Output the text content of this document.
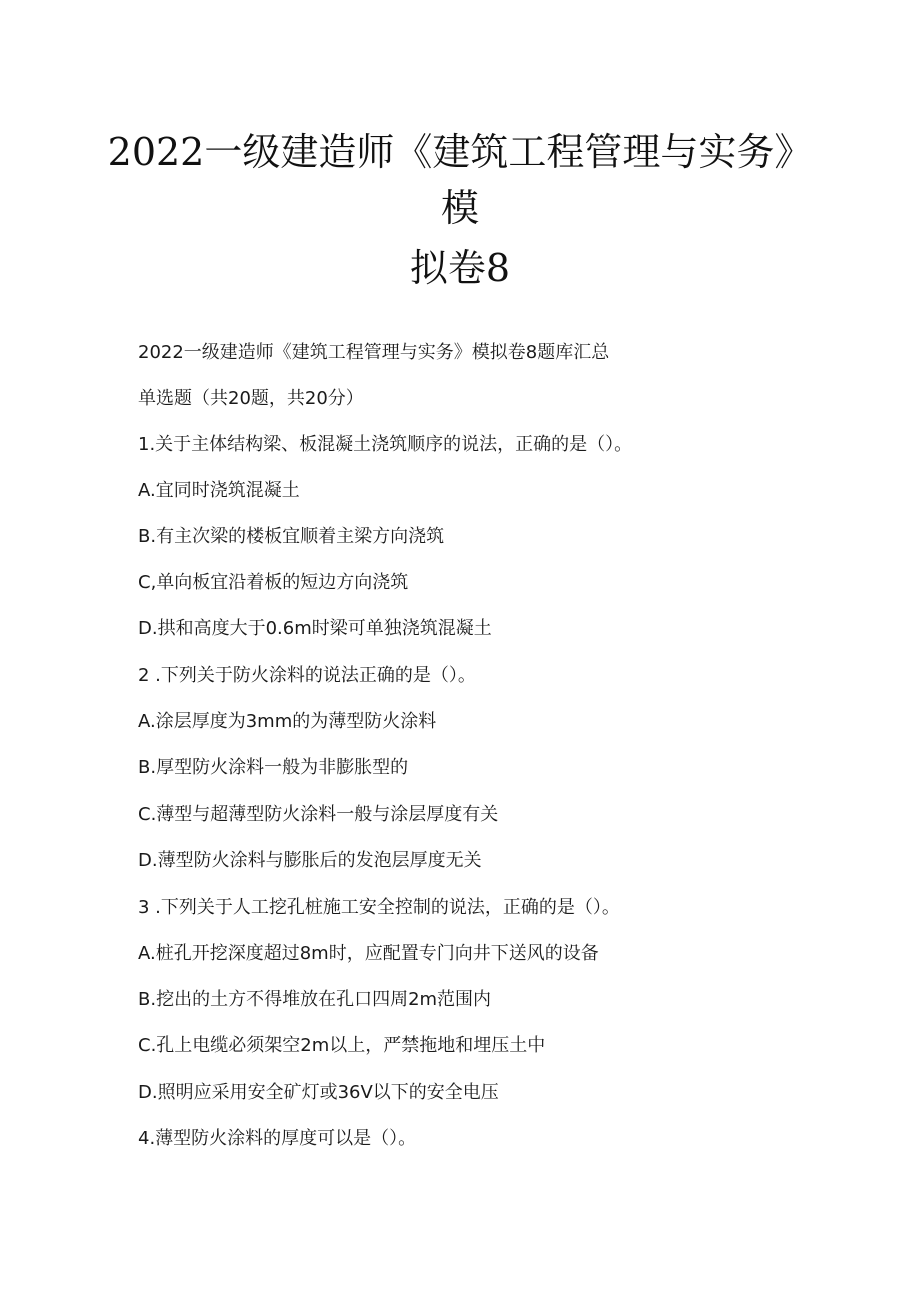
2022一级建造师《建筑工程管理与实务》
模
拟卷8
2022一级建造师《建筑工程管理与实务》模拟卷8题库汇总
单选题（共20题，共20分）
1.关于主体结构梁、板混凝土浇筑顺序的说法，正确的是（）。
A.宜同时浇筑混凝土
B.有主次梁的楼板宜顺着主梁方向浇筑
C,单向板宜沿着板的短边方向浇筑
D.拱和高度大于0.6m时梁可单独浇筑混凝土
2 .下列关于防火涂料的说法正确的是（）。
A.涂层厚度为3mm的为薄型防火涂料
B.厚型防火涂料一般为非膨胀型的
C.薄型与超薄型防火涂料一般与涂层厚度有关
D.薄型防火涂料与膨胀后的发泡层厚度无关
3 .下列关于人工挖孔桩施工安全控制的说法，正确的是（）。
A.桩孔开挖深度超过8m时，应配置专门向井下送风的设备
B.挖出的土方不得堆放在孔口四周2m范围内
C.孔上电缆必须架空2m以上，严禁拖地和埋压土中
D.照明应采用安全矿灯或36V以下的安全电压
4.薄型防火涂料的厚度可以是（）。
